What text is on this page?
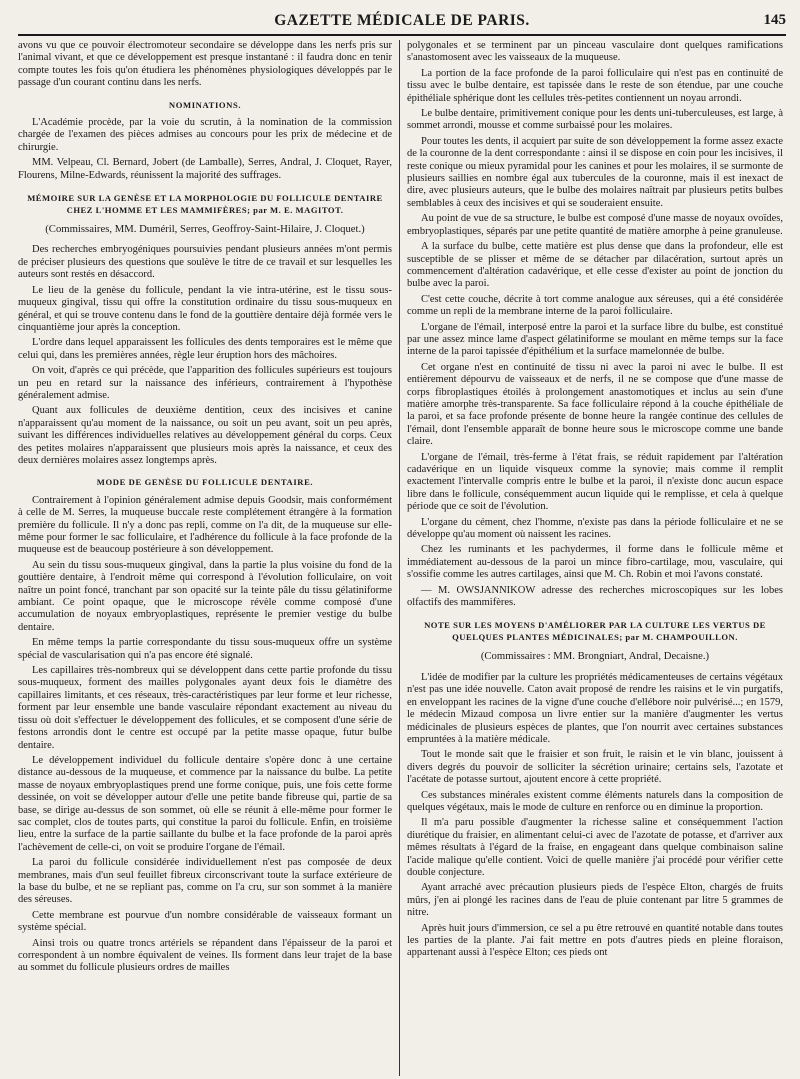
GAZETTE MÉDICALE DE PARIS.	145

avons vu que ce pouvoir électromoteur secondaire se développe dans les nerfs pris sur l'animal vivant, et que ce développement est presque instantané : il faudra donc en tenir compte toutes les fois qu'on étudiera les phénomènes physiologiques développés par le passage d'un courant continu dans les nerfs.

NOMINATIONS.

L'Académie procède, par la voie du scrutin, à la nomination de la commission chargée de l'examen des pièces admises au concours pour les prix de médecine et de chirurgie.

MM. Velpeau, Cl. Bernard, Jobert (de Lamballe), Serres, Andral, J. Cloquet, Rayer, Flourens, Milne-Edwards, réunissent la majorité des suffrages.

MÉMOIRE SUR LA GENÈSE ET LA MORPHOLOGIE DU FOLLICULE DENTAIRE CHEZ L'HOMME ET LES MAMMIFÈRES; par M. E. MAGITOT.

(Commissaires, MM. Duméril, Serres, Geoffroy-Saint-Hilaire, J. Cloquet.)

Des recherches embryogéniques poursuivies pendant plusieurs années m'ont permis de préciser plusieurs des questions que soulève le titre de ce travail et sur lesquelles les auteurs sont restés en désaccord.

Le lieu de la genèse du follicule, pendant la vie intra-utérine, est le tissu sous-muqueux gingival, tissu qui offre la constitution ordinaire du tissu sous-muqueux en général, et qui se trouve contenu dans le fond de la gouttière dentaire déjà formée vers le cinquantième jour après la conception.

L'ordre dans lequel apparaissent les follicules des dents temporaires est le même que celui qui, dans les premières années, règle leur éruption hors des mâchoires.

On voit, d'après ce qui précède, que l'apparition des follicules supérieurs est toujours un peu en retard sur la naissance des inférieurs, contrairement à l'hypothèse généralement admise.

Quant aux follicules de deuxième dentition, ceux des incisives et canine n'apparaissent qu'au moment de la naissance, ou soit un peu avant, soit un peu après, suivant les différences individuelles relatives au développement général du corps. Ceux des petites molaires n'apparaissent que plusieurs mois après la naissance, et ceux des deux dernières molaires assez longtemps après.

MODE DE GENÈSE DU FOLLICULE DENTAIRE.

Contrairement à l'opinion généralement admise depuis Goodsir, mais conformément à celle de M. Serres, la muqueuse buccale reste complétement étrangère à la formation première du follicule. Il n'y a donc pas repli, comme on l'a dit, de la muqueuse sur elle-même pour former le sac folliculaire, et l'adhérence du follicule à la face profonde de la muqueuse est de beaucoup postérieure à son développement.

Au sein du tissu sous-muqueux gingival, dans la partie la plus voisine du fond de la gouttière dentaire, à l'endroit même qui correspond à l'évolution folliculaire, on voit naître un point foncé, tranchant par son opacité sur la teinte pâle du tissu gélatiniforme ambiant. Ce point opaque, que le microscope révèle comme composé d'une accumulation de noyaux embryoplastiques, représente le premier vestige du bulbe dentaire.

En même temps la partie correspondante du tissu sous-muqueux offre un système spécial de vascularisation qui n'a pas encore été signalé.

Les capillaires très-nombreux qui se développent dans cette partie profonde du tissu sous-muqueux, forment des mailles polygonales ayant deux fois le diamètre des capillaires limitants, et ces réseaux, très-caractéristiques par leur forme et leur richesse, forment par leur ensemble une bande vasculaire répondant exactement au niveau du tissu où doit s'effectuer le développement des follicules, et se composent d'une série de festons arrondis dont le centre est occupé par la petite masse opaque, futur bulbe dentaire.

Le développement individuel du follicule dentaire s'opère donc à une certaine distance au-dessous de la muqueuse, et commence par la naissance du bulbe. La petite masse de noyaux embryoplastiques prend une forme conique, puis, une fois cette forme dessinée, on voit se développer autour d'elle une petite bande fibreuse qui, partie de sa base, se dirige au-dessus de son sommet, où elle se réunit à elle-même pour former le sac complet, clos de toutes parts, qui constitue la paroi du follicule. Enfin, en troisième lieu, entre la surface de la partie saillante du bulbe et la face profonde de la paroi après l'achèvement de celle-ci, on voit se produire l'organe de l'émail.

La paroi du follicule considérée individuellement n'est pas composée de deux membranes, mais d'un seul feuillet fibreux circonscrivant toute la surface extérieure de la base du bulbe, et ne se repliant pas, comme on l'a cru, sur son sommet à la manière des séreuses.

Cette membrane est pourvue d'un nombre considérable de vaisseaux formant un système spécial.

Ainsi trois ou quatre troncs artériels se répandent dans l'épaisseur de la paroi et correspondent à un nombre équivalent de veines. Ils forment dans leur trajet de la base au sommet du follicule plusieurs ordres de mailles

polygonales et se terminent par un pinceau vasculaire dont quelques ramifications s'anastomosent avec les vaisseaux de la muqueuse.

La portion de la face profonde de la paroi folliculaire qui n'est pas en continuité de tissu avec le bulbe dentaire, est tapissée dans le reste de son étendue, par une couche épithéliale sphérique dont les cellules très-petites contiennent un noyau arrondi.

Le bulbe dentaire, primitivement conique pour les dents uni-tuberculeuses, est large, à sommet arrondi, mousse et comme surbaissé pour les molaires.

Pour toutes les dents, il acquiert par suite de son développement la forme assez exacte de la couronne de la dent correspondante : ainsi il se dispose en coin pour les incisives, il reste conique ou mieux pyramidal pour les canines et pour les molaires, il se surmonte de plusieurs saillies en nombre égal aux tubercules de la couronne, mais il est inexact de dire, avec plusieurs auteurs, que le bulbe des molaires naîtrait par plusieurs petits bulbes semblables à ceux des incisives et qui se souderaient ensuite.

Au point de vue de sa structure, le bulbe est composé d'une masse de noyaux ovoïdes, embryoplastiques, séparés par une petite quantité de matière amorphe à peine granuleuse.

A la surface du bulbe, cette matière est plus dense que dans la profondeur, elle est susceptible de se plisser et même de se détacher par dilacération, surtout après un commencement d'altération cadavérique, et elle cesse d'exister au point de jonction du bulbe avec la paroi.

C'est cette couche, décrite à tort comme analogue aux séreuses, qui a été considérée comme un repli de la membrane interne de la paroi folliculaire.

L'organe de l'émail, interposé entre la paroi et la surface libre du bulbe, est constitué par une assez mince lame d'aspect gélatiniforme se moulant en même temps sur la face interne de la paroi tapissée d'épithélium et la surface mamelonnée de bulbe.

Cet organe n'est en continuité de tissu ni avec la paroi ni avec le bulbe. Il est entièrement dépourvu de vaisseaux et de nerfs, il ne se compose que d'une masse de corps fibroplastiques étoilés à prolongement anastomotiques et inclus au sein d'une matière amorphe très-transparente. Sa face folliculaire répond à la couche épithéliale de la paroi, et sa face profonde présente de bonne heure la rangée continue des cellules de l'émail, dont l'ensemble apparaît de bonne heure sous le microscope comme une bande claire.

L'organe de l'émail, très-ferme à l'état frais, se réduit rapidement par l'altération cadavérique en un liquide visqueux comme la synovie; mais comme il remplit exactement l'intervalle compris entre le bulbe et la paroi, il n'existe donc aucun espace libre dans le follicule, conséquemment aucun liquide qui le remplisse, et cela à quelque période que ce soit de l'évolution.

L'organe du cément, chez l'homme, n'existe pas dans la période folliculaire et ne se développe qu'au moment où naissent les racines.

Chez les ruminants et les pachydermes, il forme dans le follicule même et immédiatement au-dessous de la paroi un mince fibro-cartilage, mou, vasculaire, qui s'ossifie comme les autres cartilages, ainsi que M. Ch. Robin et moi l'avons constaté.

— M. OWSJANNIKOW adresse des recherches microscopiques sur les lobes olfactifs des mammifères.

NOTE SUR LES MOYENS D'AMÉLIORER PAR LA CULTURE LES VERTUS DE QUELQUES PLANTES MÉDICINALES; par M. CHAMPOUILLON.

(Commissaires : MM. Brongniart, Andral, Decaisne.)

L'idée de modifier par la culture les propriétés médicamenteuses de certains végétaux n'est pas une idée nouvelle. Caton avait proposé de rendre les raisins et le vin purgatifs, en enveloppant les racines de la vigne d'une couche d'ellébore noir pulvérisé...; en 1579, le médecin Mizaud composa un livre entier sur la manière d'augmenter les vertus médicinales de plusieurs espèces de plantes, que l'on nourrit avec certaines substances empruntées à la matière médicale.

Tout le monde sait que le fraisier et son fruit, le raisin et le vin blanc, jouissent à divers degrés du pouvoir de solliciter la sécrétion urinaire; certains sels, l'azotate et l'acétate de potasse surtout, ajoutent encore à cette propriété.

Ces substances minérales existent comme éléments naturels dans la composition de quelques végétaux, mais le mode de culture en renforce ou en diminue la proportion.

Il m'a paru possible d'augmenter la richesse saline et conséquemment l'action diurétique du fraisier, en alimentant celui-ci avec de l'azotate de potasse, et d'arriver aux mêmes résultats à l'égard de la fraise, en engageant dans quelque combinaison saline l'acide malique qu'elle contient. Voici de quelle manière j'ai procédé pour vérifier cette double conjecture.

Ayant arraché avec précaution plusieurs pieds de l'espèce Elton, chargés de fruits mûrs, j'en ai plongé les racines dans de l'eau de pluie contenant par litre 5 grammes de nitre.

Après huit jours d'immersion, ce sel a pu être retrouvé en quantité notable dans toutes les parties de la plante. J'ai fait mettre en pots d'autres pieds en pleine floraison, appartenant aussi à l'espèce Elton; ces pieds ont
